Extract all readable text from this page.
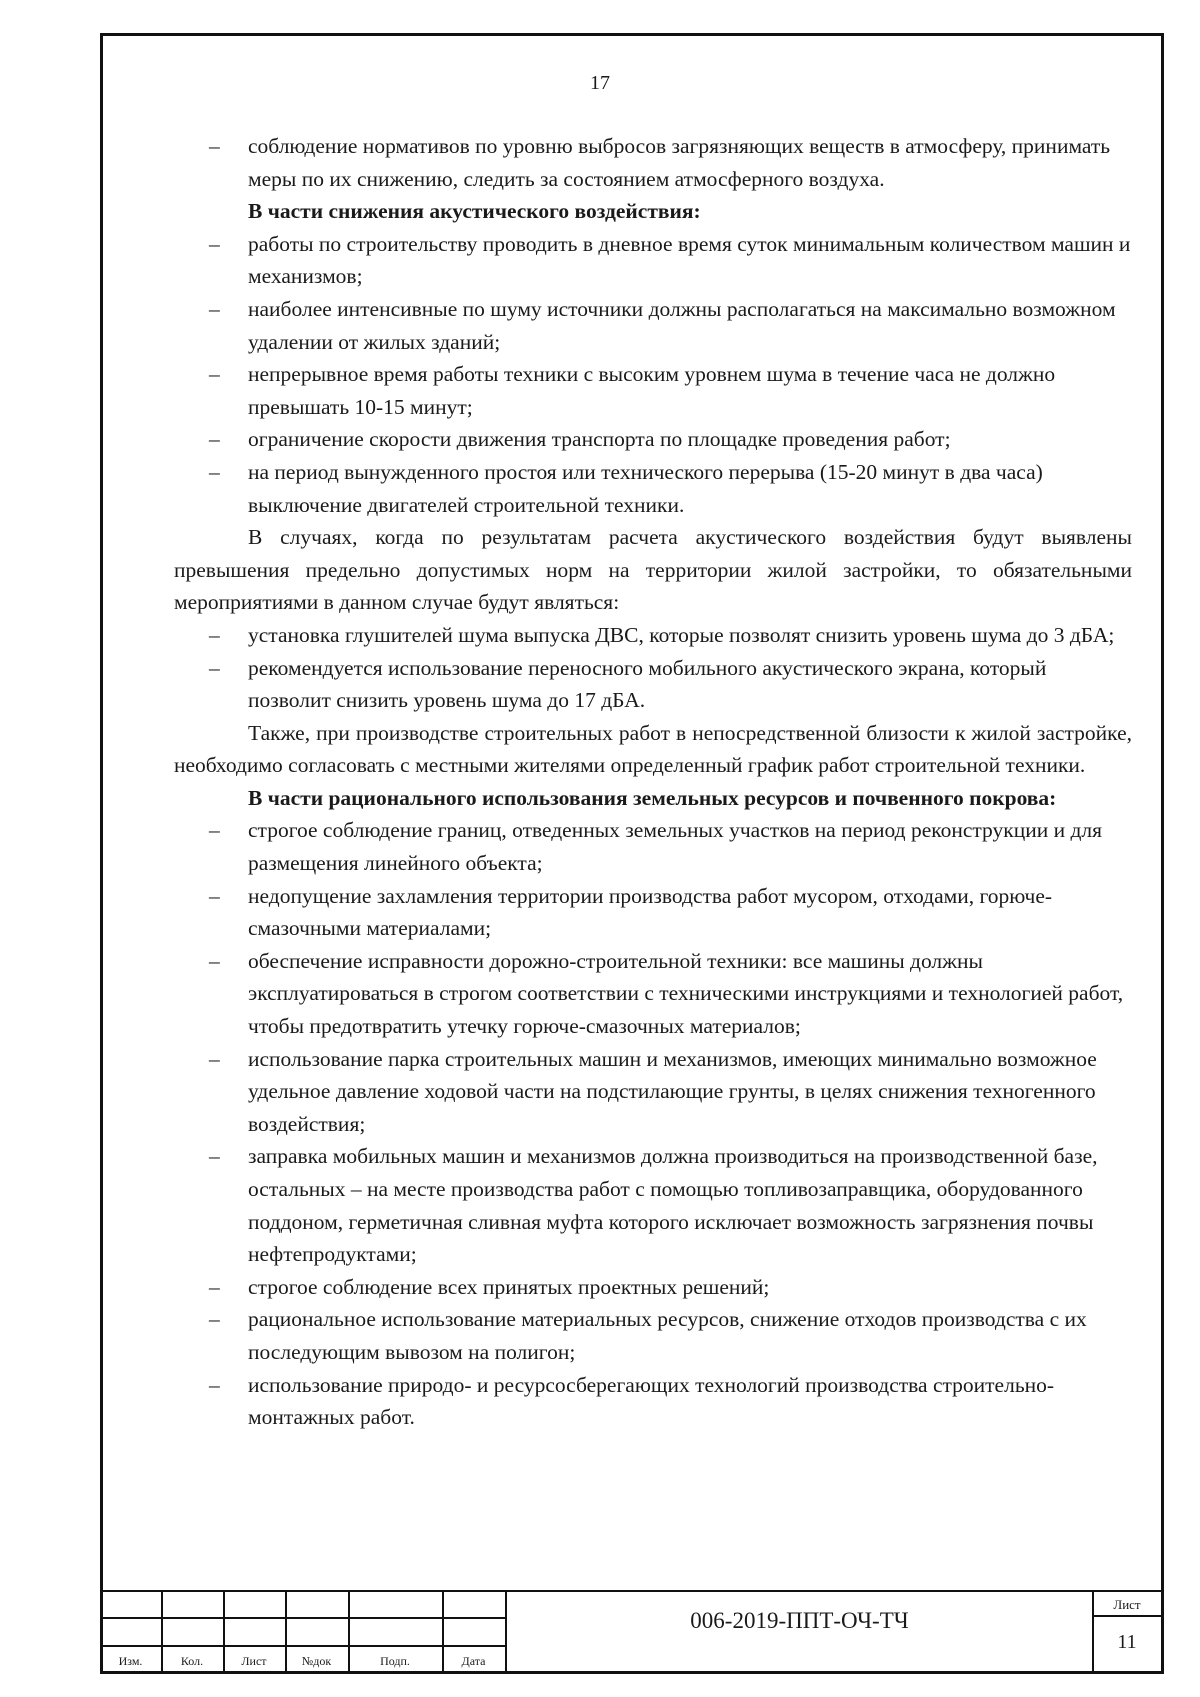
17

– соблюдение нормативов по уровню выбросов загрязняющих веществ в атмосферу, принимать меры по их снижению, следить за состоянием атмосферного воздуха.

В части снижения акустического воздействия:

– работы по строительству проводить в дневное время суток минимальным количеством машин и механизмов;

– наиболее интенсивные по шуму источники должны располагаться на максимально возможном удалении от жилых зданий;

– непрерывное время работы техники с высоким уровнем шума в течение часа не должно превышать 10-15 минут;

– ограничение скорости движения транспорта по площадке проведения работ;

– на период вынужденного простоя или технического перерыва (15-20 минут в два часа) выключение двигателей строительной техники.

В случаях, когда по результатам расчета акустического воздействия будут выявлены превышения предельно допустимых норм на территории жилой застройки, то обязательными мероприятиями в данном случае будут являться:

– установка глушителей шума выпуска ДВС, которые позволят снизить уровень шума до 3 дБА;

– рекомендуется использование переносного мобильного акустического экрана, который позволит снизить уровень шума до 17 дБА.

Также, при производстве строительных работ в непосредственной близости к жилой застройке, необходимо согласовать с местными жителями определенный график работ строительной техники.

В части рационального использования земельных ресурсов и почвенного покрова:

– строгое соблюдение границ, отведенных земельных участков на период реконструкции и для размещения линейного объекта;

– недопущение захламления территории производства работ мусором, отходами, горюче-смазочными материалами;

– обеспечение исправности дорожно-строительной техники: все машины должны эксплуатироваться в строгом соответствии с техническими инструкциями и технологией работ, чтобы предотвратить утечку горюче-смазочных материалов;

– использование парка строительных машин и механизмов, имеющих минимально возможное удельное давление ходовой части на подстилающие грунты, в целях снижения техногенного воздействия;

– заправка мобильных машин и механизмов должна производиться на производственной базе, остальных – на месте производства работ с помощью топливозаправщика, оборудованного поддоном, герметичная сливная муфта которого исключает возможность загрязнения почвы нефтепродуктами;

– строгое соблюдение всех принятых проектных решений;

– рациональное использование материальных ресурсов, снижение отходов производства с их последующим вывозом на полигон;

– использование природо- и ресурсосберегающих технологий производства строительно-монтажных работ.

Изм.	Кол.	Лист	№док	Подп.	Дата
006-2019-ППТ-ОЧ-ТЧ
Лист
11
